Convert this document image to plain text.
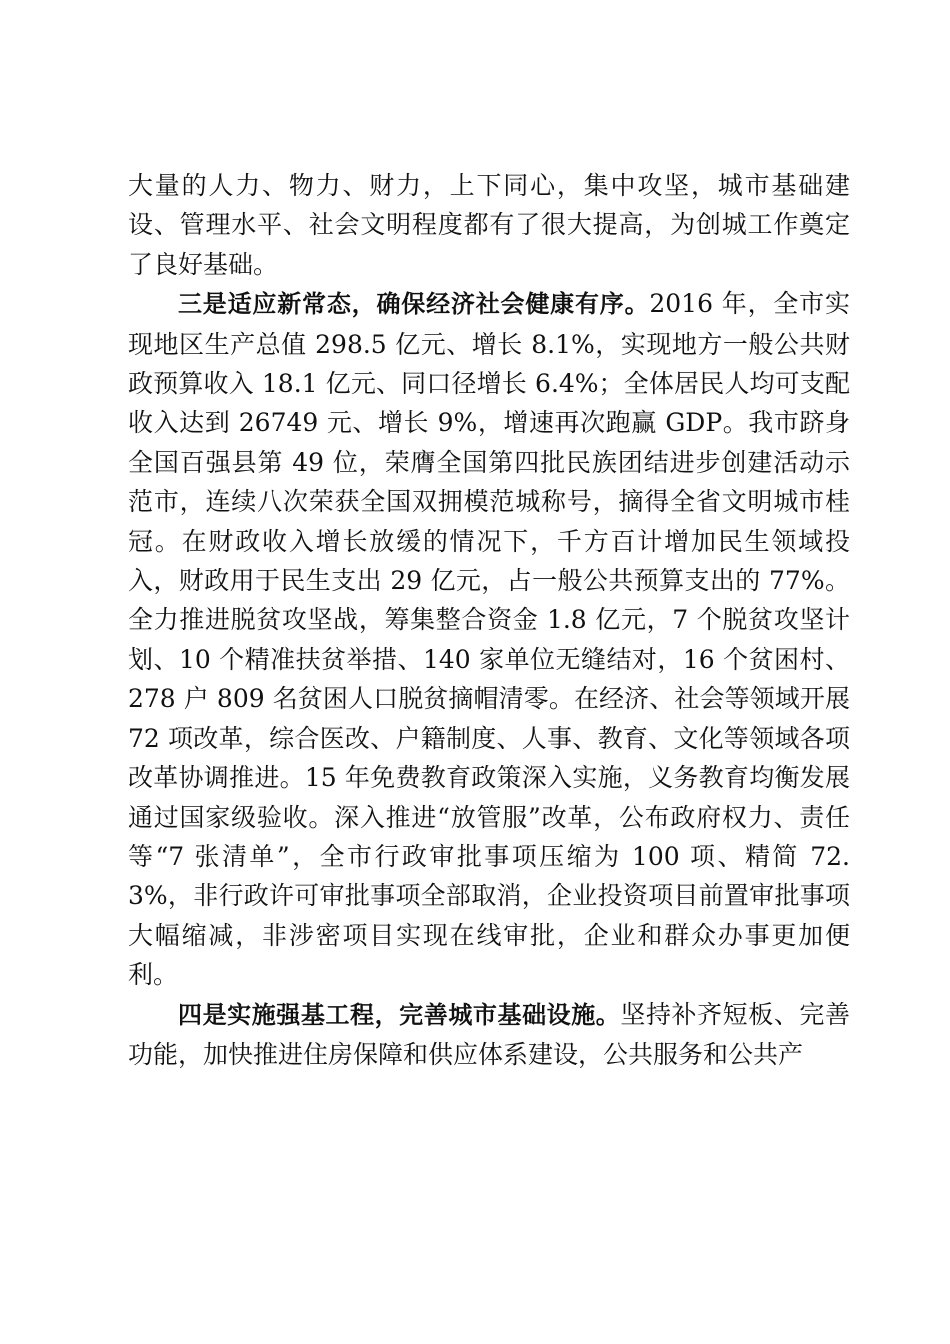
大量的人力、物力、财力，上下同心，集中攻坚，城市基础建设、管理水平、社会文明程度都有了很大提高，为创城工作奠定了良好基础。

三是适应新常态，确保经济社会健康有序。2016 年，全市实现地区生产总值 298.5 亿元、增长 8.1%，实现地方一般公共财政预算收入 18.1 亿元、同口径增长 6.4%；全体居民人均可支配收入达到 26749 元、增长 9%，增速再次跑赢 GDP。我市跻身全国百强县第 49 位，荣膺全国第四批民族团结进步创建活动示范市，连续八次荣获全国双拥模范城称号，摘得全省文明城市桂冠。在财政收入增长放缓的情况下，千方百计增加民生领域投入，财政用于民生支出 29 亿元，占一般公共预算支出的 77%。全力推进脱贫攻坚战，筹集整合资金 1.8 亿元，7 个脱贫攻坚计划、10 个精准扶贫举措、140 家单位无缝结对，16 个贫困村、278 户 809 名贫困人口脱贫摘帽清零。在经济、社会等领域开展 72 项改革，综合医改、户籍制度、人事、教育、文化等领域各项改革协调推进。15 年免费教育政策深入实施，义务教育均衡发展通过国家级验收。深入推进“放管服”改革，公布政府权力、责任等“7 张清单”，全市行政审批事项压缩为 100 项、精简 72.3%，非行政许可审批事项全部取消，企业投资项目前置审批事项大幅缩减，非涉密项目实现在线审批，企业和群众办事更加便利。

四是实施强基工程，完善城市基础设施。坚持补齐短板、完善功能，加快推进住房保障和供应体系建设，公共服务和公共产
